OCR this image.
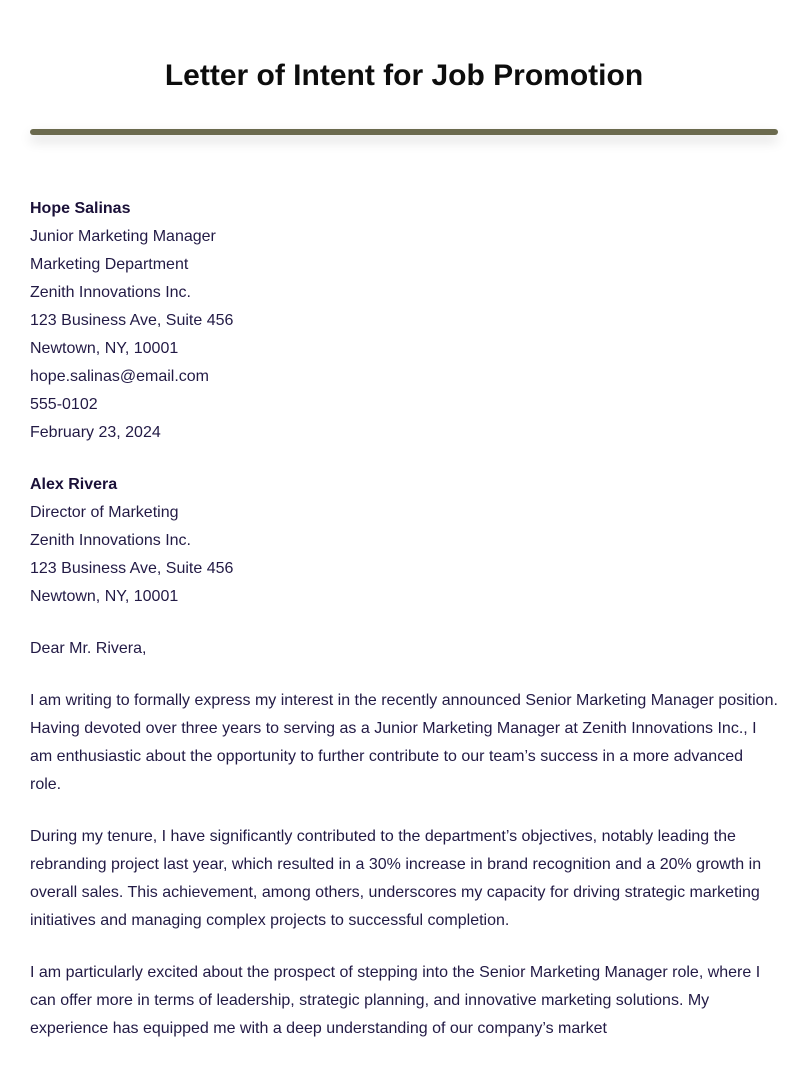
Letter of Intent for Job Promotion
Hope Salinas
Junior Marketing Manager
Marketing Department
Zenith Innovations Inc.
123 Business Ave, Suite 456
Newtown, NY, 10001
hope.salinas@email.com
555-0102
February 23, 2024
Alex Rivera
Director of Marketing
Zenith Innovations Inc.
123 Business Ave, Suite 456
Newtown, NY, 10001

Dear Mr. Rivera,

I am writing to formally express my interest in the recently announced Senior Marketing Manager position. Having devoted over three years to serving as a Junior Marketing Manager at Zenith Innovations Inc., I am enthusiastic about the opportunity to further contribute to our team’s success in a more advanced role.

During my tenure, I have significantly contributed to the department’s objectives, notably leading the rebranding project last year, which resulted in a 30% increase in brand recognition and a 20% growth in overall sales. This achievement, among others, underscores my capacity for driving strategic marketing initiatives and managing complex projects to successful completion.

I am particularly excited about the prospect of stepping into the Senior Marketing Manager role, where I can offer more in terms of leadership, strategic planning, and innovative marketing solutions. My experience has equipped me with a deep understanding of our company’s market
